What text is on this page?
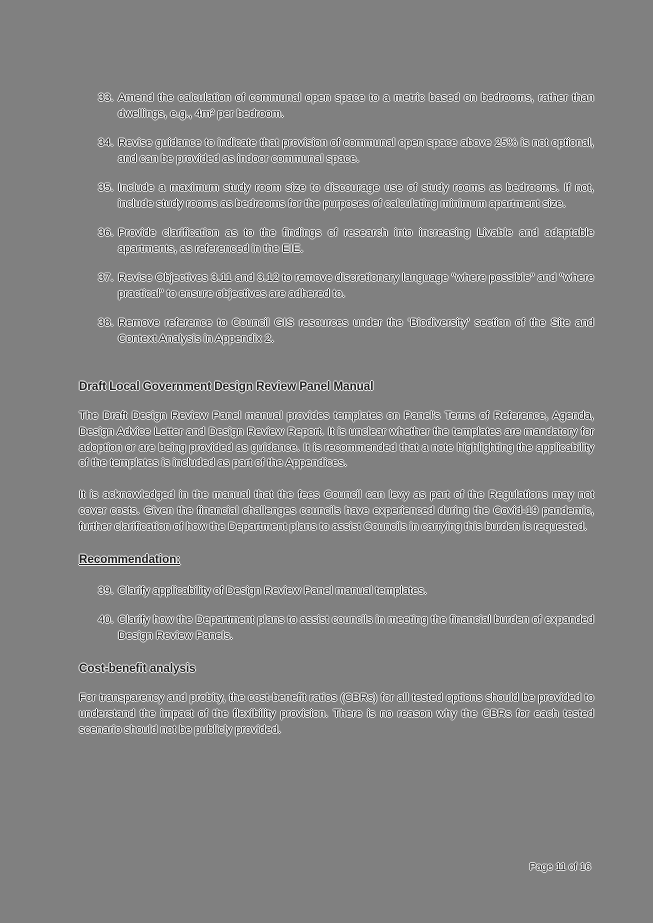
33. Amend the calculation of communal open space to a metric based on bedrooms, rather than dwellings, e.g., 4m² per bedroom.
34. Revise guidance to indicate that provision of communal open space above 25% is not optional, and can be provided as indoor communal space.
35. Include a maximum study room size to discourage use of study rooms as bedrooms. If not, include study rooms as bedrooms for the purposes of calculating minimum apartment size.
36. Provide clarification as to the findings of research into increasing Livable and adaptable apartments, as referenced in the EIE.
37. Revise Objectives 3.11 and 3.12 to remove discretionary language "where possible" and "where practical" to ensure objectives are adhered to.
38. Remove reference to Council GIS resources under the 'Biodiversity' section of the Site and Context Analysis in Appendix 2.
Draft Local Government Design Review Panel Manual
The Draft Design Review Panel manual provides templates on Panel's Terms of Reference, Agenda, Design Advice Letter and Design Review Report. It is unclear whether the templates are mandatory for adoption or are being provided as guidance. It is recommended that a note highlighting the applicability of the templates is included as part of the Appendices.
It is acknowledged in the manual that the fees Council can levy as part of the Regulations may not cover costs. Given the financial challenges councils have experienced during the Covid-19 pandemic, further clarification of how the Department plans to assist Councils in carrying this burden is requested.
Recommendation:
39. Clarify applicability of Design Review Panel manual templates.
40. Clarify how the Department plans to assist councils in meeting the financial burden of expanded Design Review Panels.
Cost-benefit analysis
For transparency and probity, the cost-benefit ratios (CBRs) for all tested options should be provided to understand the impact of the flexibility provision. There is no reason why the CBRs for each tested scenario should not be publicly provided.
Page 11 of 16
